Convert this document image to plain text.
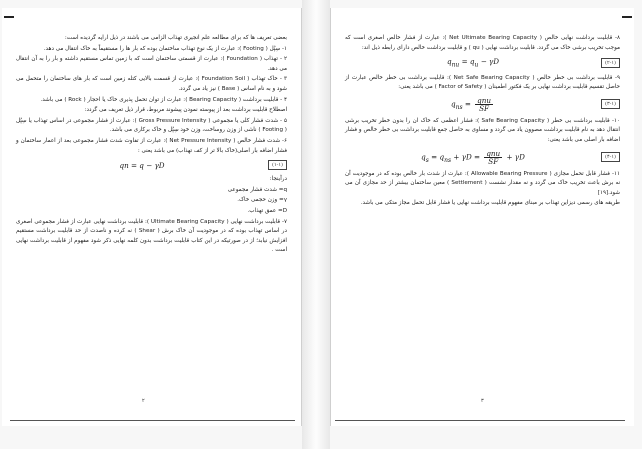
بعضی تعریف ها که برای مطالعه علم انجیری تهذاب الزامی می باشند در ذیل ارایه گردیده است:

۱- سِپُل ( Footing ): عبارت از یک نوع تهذاب ساختمان بوده که بار ها را مستقیماً به خاک انتقال می دهد.

۲ - تهذاب ( Foundation ): عبارت از قسمتی ساختمان است که با زمین تماس مستقیم داشته و بار را به آن انتقال می دهد.

۳ - خاک تهذاب ( Foundation Soil ): عبارت از قسمت بالایی کتله زمین است که بار های ساختمان را متحمل می شود و به نام اساس ( Base ) نیز یاد می گردد.

۴ - قابلیت برداشت ( Bearing Capacity ): عبارت از توان تحمل پذیری خاک یا احجار ( Rock ) می باشد.

اصطلاح قابلیت برداشت بعد از پیوسته نمودن پیشوند مربوط، قرار ذیل تعریف می گردد:

۵ - شدت فشار کلی یا مجموعی ( Gross Pressure Intensity ): عبارت از فشار مجموعی در اساس تهذاب یا سِپُل ( Footing ) ناشی از وزن روساخت، وزن خود سِپُل و خاک برکاری می باشد.

۶- شدت فشار خالص ( Net Pressure Intensity ): عبارت از تفاوت شدت فشار مجموعی بعد از اعمار ساختمان و فشار اضافه بار اصلی(خاک بالا تر از کف تهذاب) می باشد یعنی :

qn = q − γD	(۱-۱)

درآینجا:

q= شدت فشار مجموعی

γ= وزن حجمی خاک.

D= عمق تهذاب.

۷- قابلیت برداشت نهایی ( Ultimate Bearing Capacity ): قابلیت برداشت نهایی عبارت از فشار مجموعی اصغری در اساس تهذاب بوده که در موجودیت آن خاک برش ( Shear ) نه کرده و ناصدت از حد قابلیت برداشت مستقیم افزایش نیابد؛ از در صورتیکه در این کتاب قابلیت برداشت بدون کلمه نهایی ذکر شود مفهوم از قابلیت برداشت نهایی است .

۲

۸- قابلیت برداشت نهایی خالص ( Net Ultimate Bearing Capacity ): عبارت از فشار خالص اصغری است که موجب تخریب برشی خاک می گردد. قابلیت برداشت نهایی ( qu ) و قابلیت برداشت خالص دارای رابطه ذیل اند:

$q_{nu} = q_u - \gamma D$	(۲-۱)

۹- قابلیت برداشت بی خطر خالص ( Net Safe Bearing Capacity ): قابلیت برداشت بی خطر خالص عبارت از حاصل تقسیم قابلیت برداشت نهایی بر یک فکتور اطمینان ( Factor of Safety ) می باشد یعنی:

$q_{ns} = \frac{\text{qnu}}{SF}$	(۳-۱)

۱۰- قابلیت برداشت بی خطر ( Safe Bearing Capacity ): فشار اعظمی که خاک ان را بدون خطر تخریب برشی انتقال دهد به نام قابلیت برداشت مصوون یاد می گردد و مساوی به حاصل جمع قابلیت برداشت بی خطر خالص و فشار اضافه بار اصلی می باشد یعنی:

$q_s = q_{ns} + \gamma D = \frac{\text{qnu}}{SF} + \gamma D$	(۴-۱)

۱۱- فشار قابل تحمل مجازی ( Allowable Bearing Pressure ): عبارت از شدت بار خالص بوده که در موجودیت آن نه برش باعث تخریب خاک می گردد و نه مقدار نشست ( Settlement ) معین ساختمان بیشتر از حد مجازی آن می شود.[۱۹]

طریقه های رسمی دیزاین تهذاب بر مبنای مفهوم قابلیت برداشت نهایی یا فشار قابل تحمل مجاز متکی می باشد.

۳
